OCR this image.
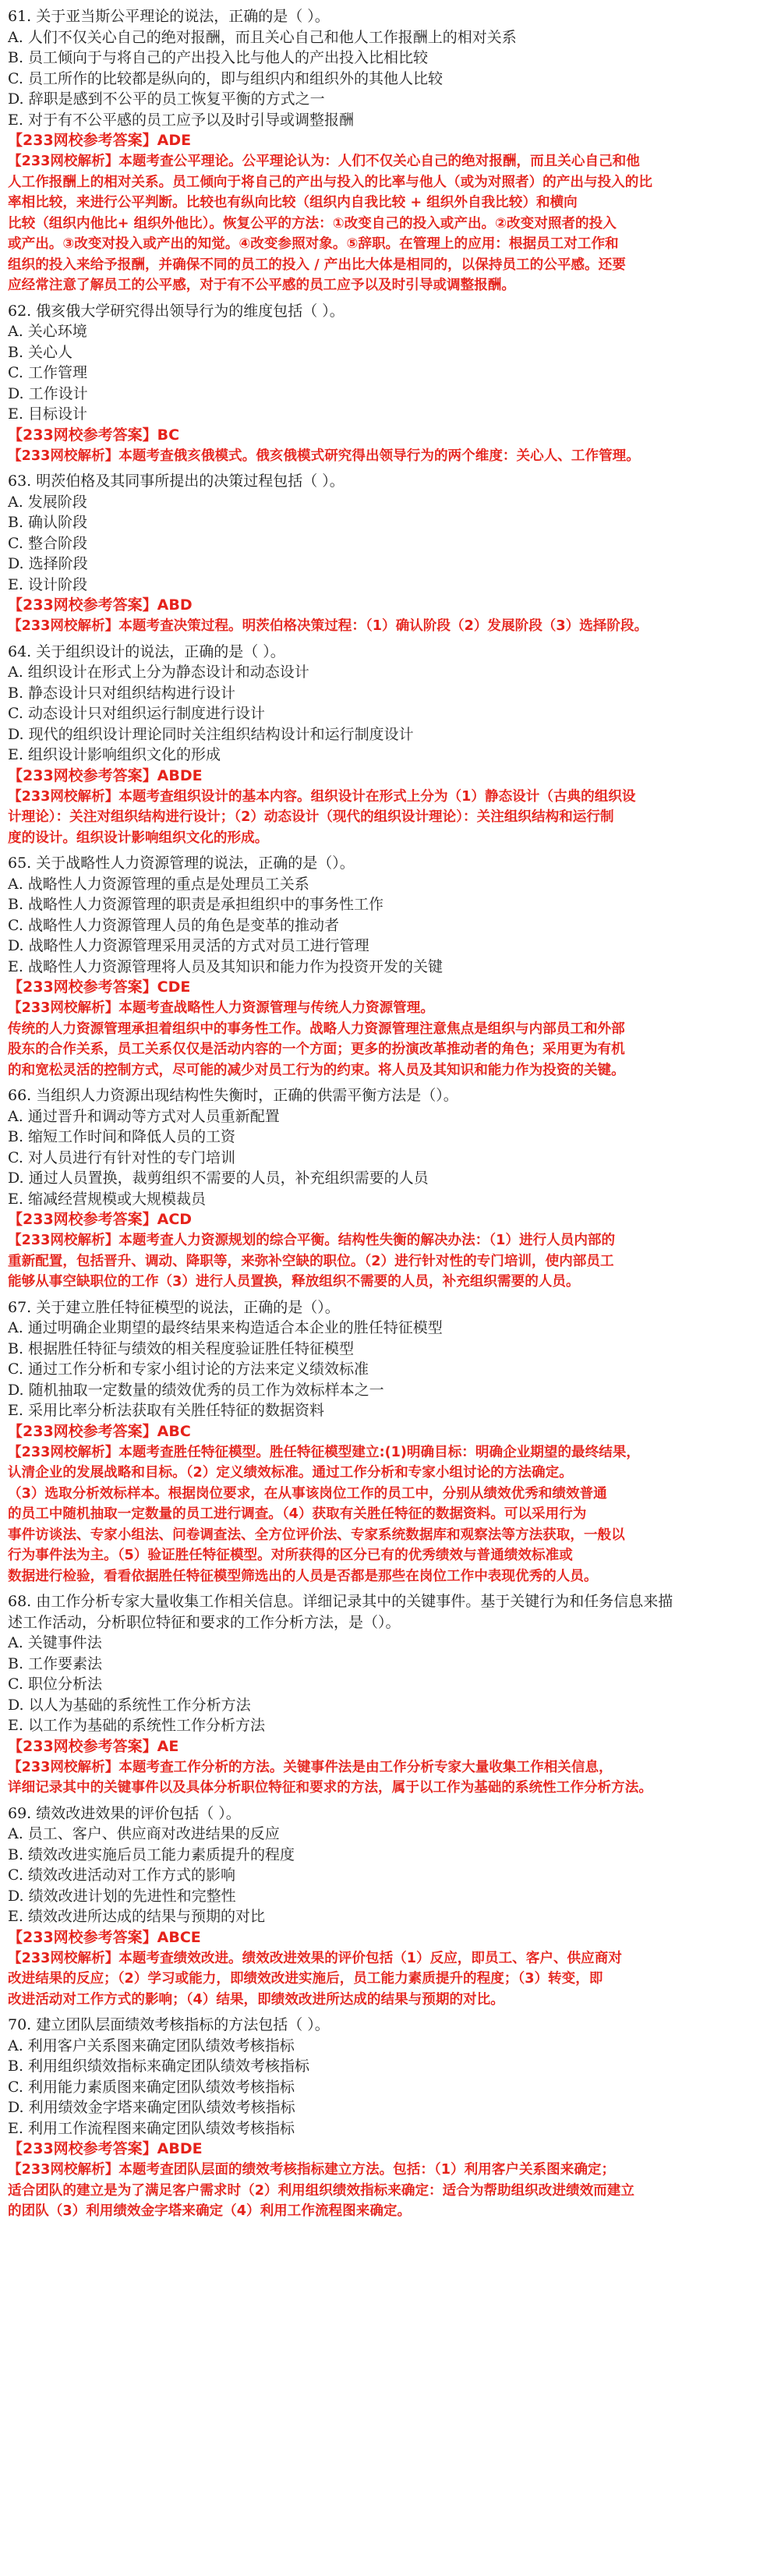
61. 关于亚当斯公平理论的说法，正确的是（ ）。
A. 人们不仅关心自己的绝对报酬，而且关心自己和他人工作报酬上的相对关系
B. 员工倾向于与将自己的产出投入比与他人的产出投入比相比较
C. 员工所作的比较都是纵向的，即与组织内和组织外的其他人比较
D. 辞职是感到不公平的员工恢复平衡的方式之一
E. 对于有不公平感的员工应予以及时引导或调整报酬
【233网校参考答案】ADE
【233网校解析】本题考查公平理论。公平理论认为：人们不仅关心自己的绝对报酬，而且关心自己和他
人工作报酬上的相对关系。员工倾向于将自己的产出与投入的比率与他人（或为对照者）的产出与投入的比
率相比较，来进行公平判断。比较也有纵向比较（组织内自我比较 + 组织外自我比较）和横向
比较（组织内他比+ 组织外他比）。恢复公平的方法：①改变自己的投入或产出。②改变对照者的投入
或产出。③改变对投入或产出的知觉。④改变参照对象。⑤辞职。在管理上的应用：根据员工对工作和
组织的投入来给予报酬，并确保不同的员工的投入 / 产出比大体是相同的，以保持员工的公平感。还要
应经常注意了解员工的公平感，对于有不公平感的员工应予以及时引导或调整报酬。
62. 俄亥俄大学研究得出领导行为的维度包括（ ）。
A. 关心环境
B. 关心人
C. 工作管理
D. 工作设计
E. 目标设计
【233网校参考答案】BC
【233网校解析】本题考查俄亥俄模式。俄亥俄模式研究得出领导行为的两个维度：关心人、工作管理。
63. 明茨伯格及其同事所提出的决策过程包括（ ）。
A. 发展阶段
B. 确认阶段
C. 整合阶段
D. 选择阶段
E. 设计阶段
【233网校参考答案】ABD
【233网校解析】本题考查决策过程。明茨伯格决策过程：（1）确认阶段（2）发展阶段（3）选择阶段。
64. 关于组织设计的说法，正确的是（ ）。
A. 组织设计在形式上分为静态设计和动态设计
B. 静态设计只对组织结构进行设计
C. 动态设计只对组织运行制度进行设计
D. 现代的组织设计理论同时关注组织结构设计和运行制度设计
E. 组织设计影响组织文化的形成
【233网校参考答案】ABDE
【233网校解析】本题考查组织设计的基本内容。组织设计在形式上分为（1）静态设计（古典的组织设
计理论）：关注对组织结构进行设计；（2）动态设计（现代的组织设计理论）：关注组织结构和运行制
度的设计。组织设计影响组织文化的形成。
65. 关于战略性人力资源管理的说法，正确的是（）。
A. 战略性人力资源管理的重点是处理员工关系
B. 战略性人力资源管理的职责是承担组织中的事务性工作
C. 战略性人力资源管理人员的角色是变革的推动者
D. 战略性人力资源管理采用灵活的方式对员工进行管理
E. 战略性人力资源管理将人员及其知识和能力作为投资开发的关键
【233网校参考答案】CDE
【233网校解析】本题考查战略性人力资源管理与传统人力资源管理。
传统的人力资源管理承担着组织中的事务性工作。战略人力资源管理注意焦点是组织与内部员工和外部
股东的合作关系，员工关系仅仅是活动内容的一个方面；更多的扮演改革推动者的角色；采用更为有机
的和宽松灵活的控制方式，尽可能的减少对员工行为的约束。将人员及其知识和能力作为投资的关键。
66. 当组织人力资源出现结构性失衡时，正确的供需平衡方法是（）。
A. 通过晋升和调动等方式对人员重新配置
B. 缩短工作时间和降低人员的工资
C. 对人员进行有针对性的专门培训
D. 通过人员置换，裁剪组织不需要的人员，补充组织需要的人员
E. 缩减经营规模或大规模裁员
【233网校参考答案】ACD
【233网校解析】本题考查人力资源规划的综合平衡。结构性失衡的解决办法：（1）进行人员内部的
重新配置，包括晋升、调动、降职等，来弥补空缺的职位。（2）进行针对性的专门培训，使内部员工
能够从事空缺职位的工作（3）进行人员置换，释放组织不需要的人员，补充组织需要的人员。
67. 关于建立胜任特征模型的说法，正确的是（）。
A. 通过明确企业期望的最终结果来构造适合本企业的胜任特征模型
B. 根据胜任特征与绩效的相关程度验证胜任特征模型
C. 通过工作分析和专家小组讨论的方法来定义绩效标准
D. 随机抽取一定数量的绩效优秀的员工作为效标样本之一
E. 采用比率分析法获取有关胜任特征的数据资料
【233网校参考答案】ABC
【233网校解析】本题考查胜任特征模型。胜任特征模型建立:(1)明确目标：明确企业期望的最终结果，
认清企业的发展战略和目标。（2）定义绩效标准。通过工作分析和专家小组讨论的方法确定。
（3）选取分析效标样本。根据岗位要求，在从事该岗位工作的员工中，分别从绩效优秀和绩效普通
的员工中随机抽取一定数量的员工进行调查。（4）获取有关胜任特征的数据资料。可以采用行为
事件访谈法、专家小组法、问卷调查法、全方位评价法、专家系统数据库和观察法等方法获取，一般以
行为事件法为主。（5）验证胜任特征模型。对所获得的区分已有的优秀绩效与普通绩效标准或
数据进行检验，看看依据胜任特征模型筛选出的人员是否都是那些在岗位工作中表现优秀的人员。
68. 由工作分析专家大量收集工作相关信息。详细记录其中的关键事件。基于关键行为和任务信息来描
述工作活动，分析职位特征和要求的工作分析方法，是（）。
A. 关键事件法
B. 工作要素法
C. 职位分析法
D. 以人为基础的系统性工作分析方法
E. 以工作为基础的系统性工作分析方法
【233网校参考答案】AE
【233网校解析】本题考查工作分析的方法。关键事件法是由工作分析专家大量收集工作相关信息，
详细记录其中的关键事件以及具体分析职位特征和要求的方法，属于以工作为基础的系统性工作分析方法。
69. 绩效改进效果的评价包括（ ）。
A. 员工、客户、供应商对改进结果的反应
B. 绩效改进实施后员工能力素质提升的程度
C. 绩效改进活动对工作方式的影响
D. 绩效改进计划的先进性和完整性
E. 绩效改进所达成的结果与预期的对比
【233网校参考答案】ABCE
【233网校解析】本题考查绩效改进。绩效改进效果的评价包括（1）反应，即员工、客户、供应商对
改进结果的反应；（2）学习或能力，即绩效改进实施后，员工能力素质提升的程度；（3）转变，即
改进活动对工作方式的影响；（4）结果，即绩效改进所达成的结果与预期的对比。
70. 建立团队层面绩效考核指标的方法包括（ ）。
A. 利用客户关系图来确定团队绩效考核指标
B. 利用组织绩效指标来确定团队绩效考核指标
C. 利用能力素质图来确定团队绩效考核指标
D. 利用绩效金字塔来确定团队绩效考核指标
E. 利用工作流程图来确定团队绩效考核指标
【233网校参考答案】ABDE
【233网校解析】本题考查团队层面的绩效考核指标建立方法。包括：（1）利用客户关系图来确定；
适合团队的建立是为了满足客户需求时（2）利用组织绩效指标来确定：适合为帮助组织改进绩效而建立
的团队（3）利用绩效金字塔来确定（4）利用工作流程图来确定。
